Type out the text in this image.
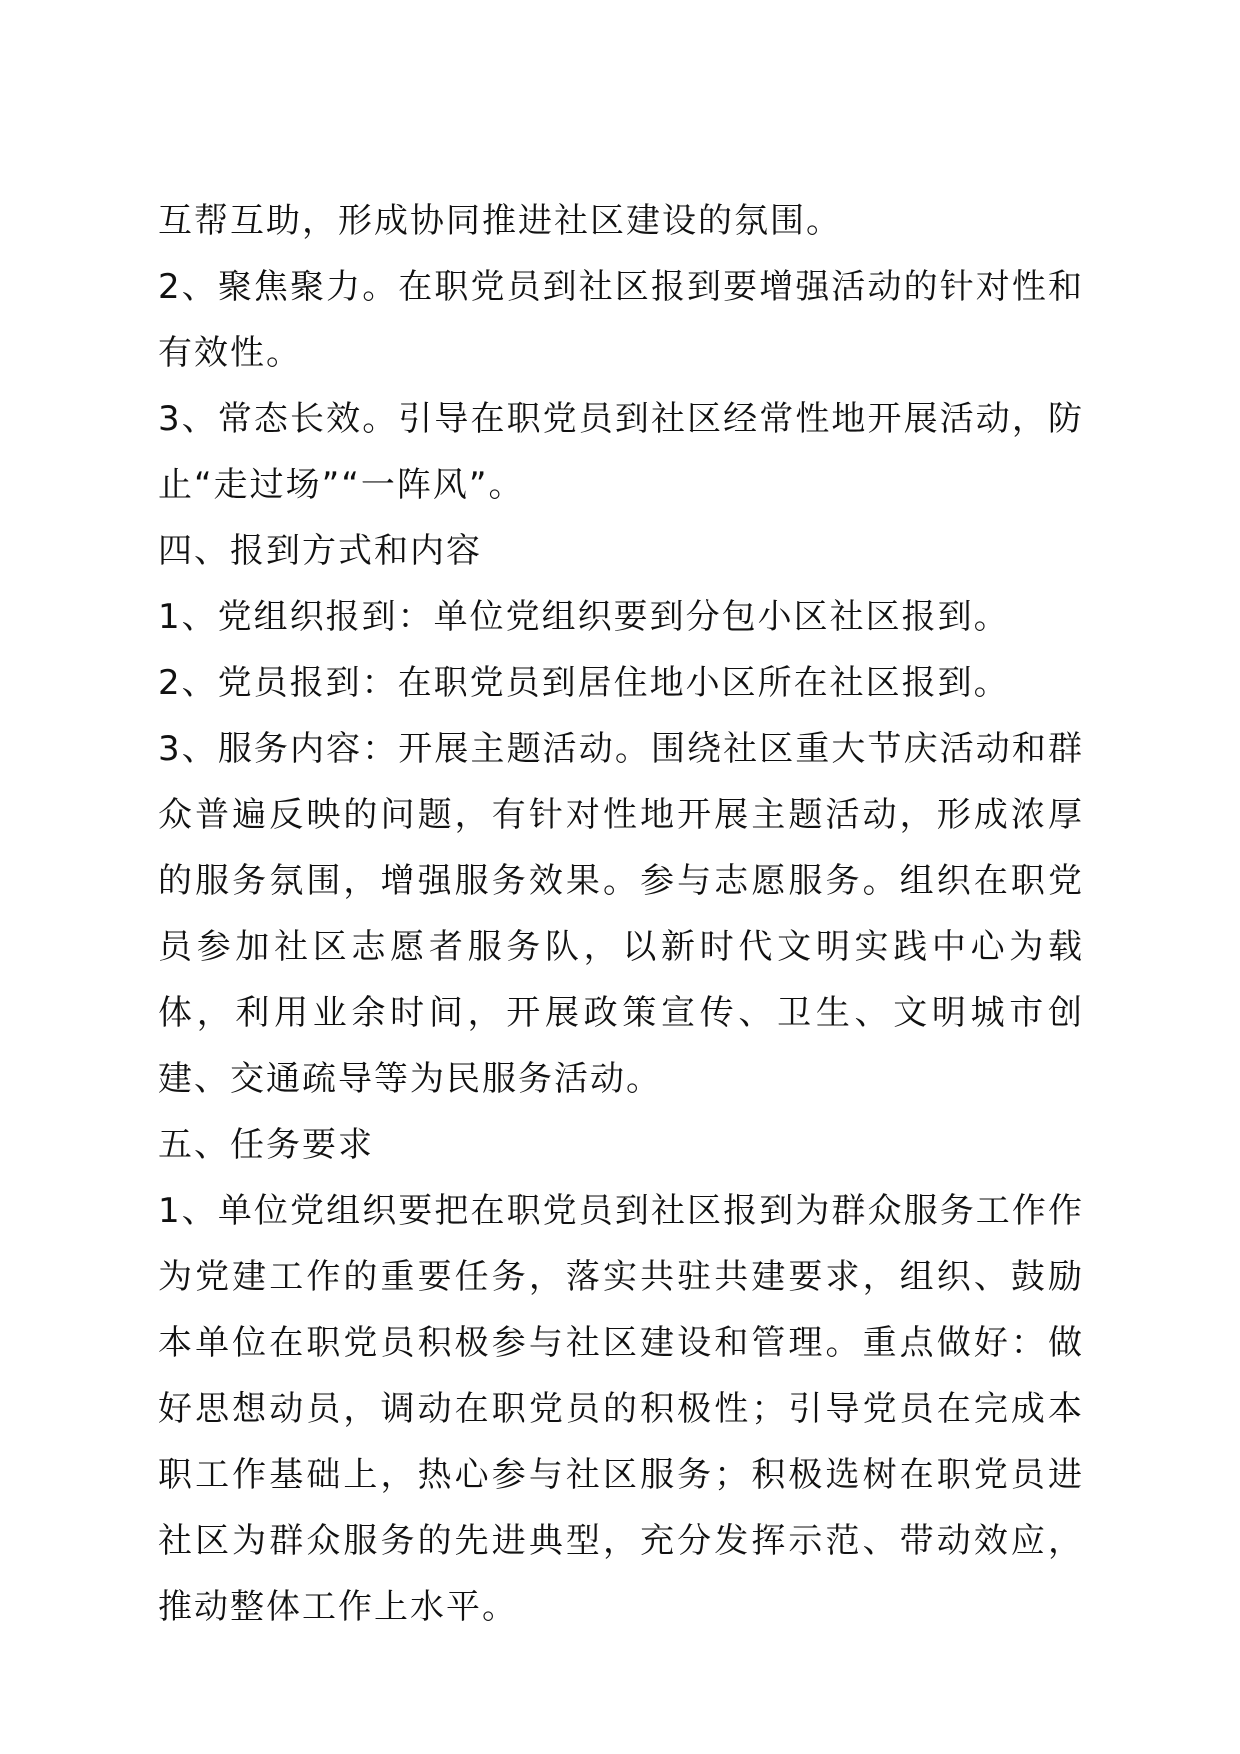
互帮互助，形成协同推进社区建设的氛围。

2、聚焦聚力。在职党员到社区报到要增强活动的针对性和有效性。

3、常态长效。引导在职党员到社区经常性地开展活动，防止“走过场”“一阵风”。

四、报到方式和内容

1、党组织报到：单位党组织要到分包小区社区报到。

2、党员报到：在职党员到居住地小区所在社区报到。

3、服务内容：开展主题活动。围绕社区重大节庆活动和群众普遍反映的问题，有针对性地开展主题活动，形成浓厚的服务氛围，增强服务效果。参与志愿服务。组织在职党员参加社区志愿者服务队，以新时代文明实践中心为载体，利用业余时间，开展政策宣传、卫生、文明城市创建、交通疏导等为民服务活动。

五、任务要求

1、单位党组织要把在职党员到社区报到为群众服务工作作为党建工作的重要任务，落实共驻共建要求，组织、鼓励本单位在职党员积极参与社区建设和管理。重点做好：做好思想动员，调动在职党员的积极性；引导党员在完成本职工作基础上，热心参与社区服务；积极选树在职党员进社区为群众服务的先进典型，充分发挥示范、带动效应，推动整体工作上水平。
